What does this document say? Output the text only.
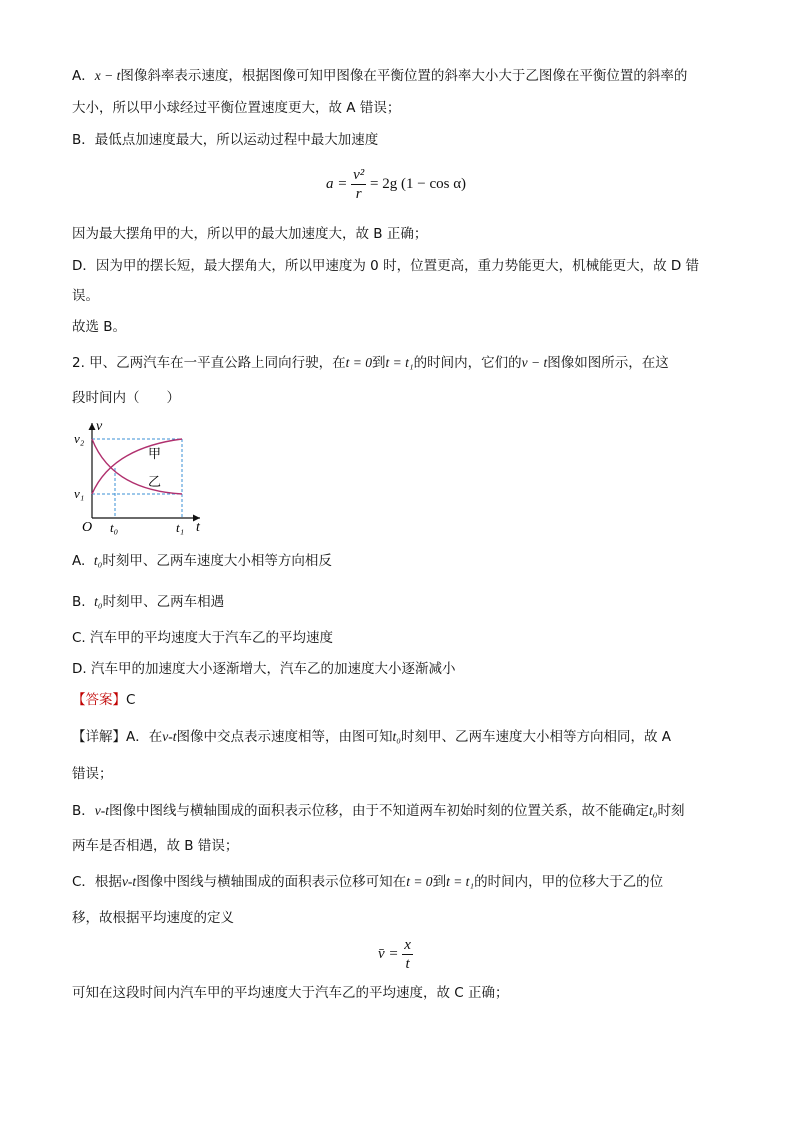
A．x − t图像斜率表示速度，根据图像可知甲图像在平衡位置的斜率大小大于乙图像在平衡位置的斜率的
大小，所以甲小球经过平衡位置速度更大，故 A 错误；
B．最低点加速度最大，所以运动过程中最大加速度
$a = \frac{\text{v²}}{r} = 2g$ (1 − cos α)
因为最大摆角甲的大，所以甲的最大加速度大，故 B 正确；
D．因为甲的摆长短，最大摆角大，所以甲速度为 0 时，位置更高，重力势能更大，机械能更大，故 D 错
误。
故选 B。
2. 甲、乙两汽车在一平直公路上同向行驶，在t = 0到t = t₁的时间内，它们的v − t图像如图所示，在这
段时间内（　　）
v
t
O
v₂
v₁
t₀	t₁
甲
乙
A. t₀时刻甲、乙两车速度大小相等方向相反
B. t₀时刻甲、乙两车相遇
C. 汽车甲的平均速度大于汽车乙的平均速度
D. 汽车甲的加速度大小逐渐增大，汽车乙的加速度大小逐渐减小
【答案】C
【详解】A．在v-t图像中交点表示速度相等，由图可知t₀时刻甲、乙两车速度大小相等方向相同，故 A
错误；
B．v-t图像中图线与横轴围成的面积表示位移，由于不知道两车初始时刻的位置关系，故不能确定t₀时刻
两车是否相遇，故 B 错误；
C．根据v-t图像中图线与横轴围成的面积表示位移可知在t = 0到t = t₁的时间内，甲的位移大于乙的位
移，故根据平均速度的定义
v̄ = $\frac{x}{t}$
可知在这段时间内汽车甲的平均速度大于汽车乙的平均速度，故 C 正确；
